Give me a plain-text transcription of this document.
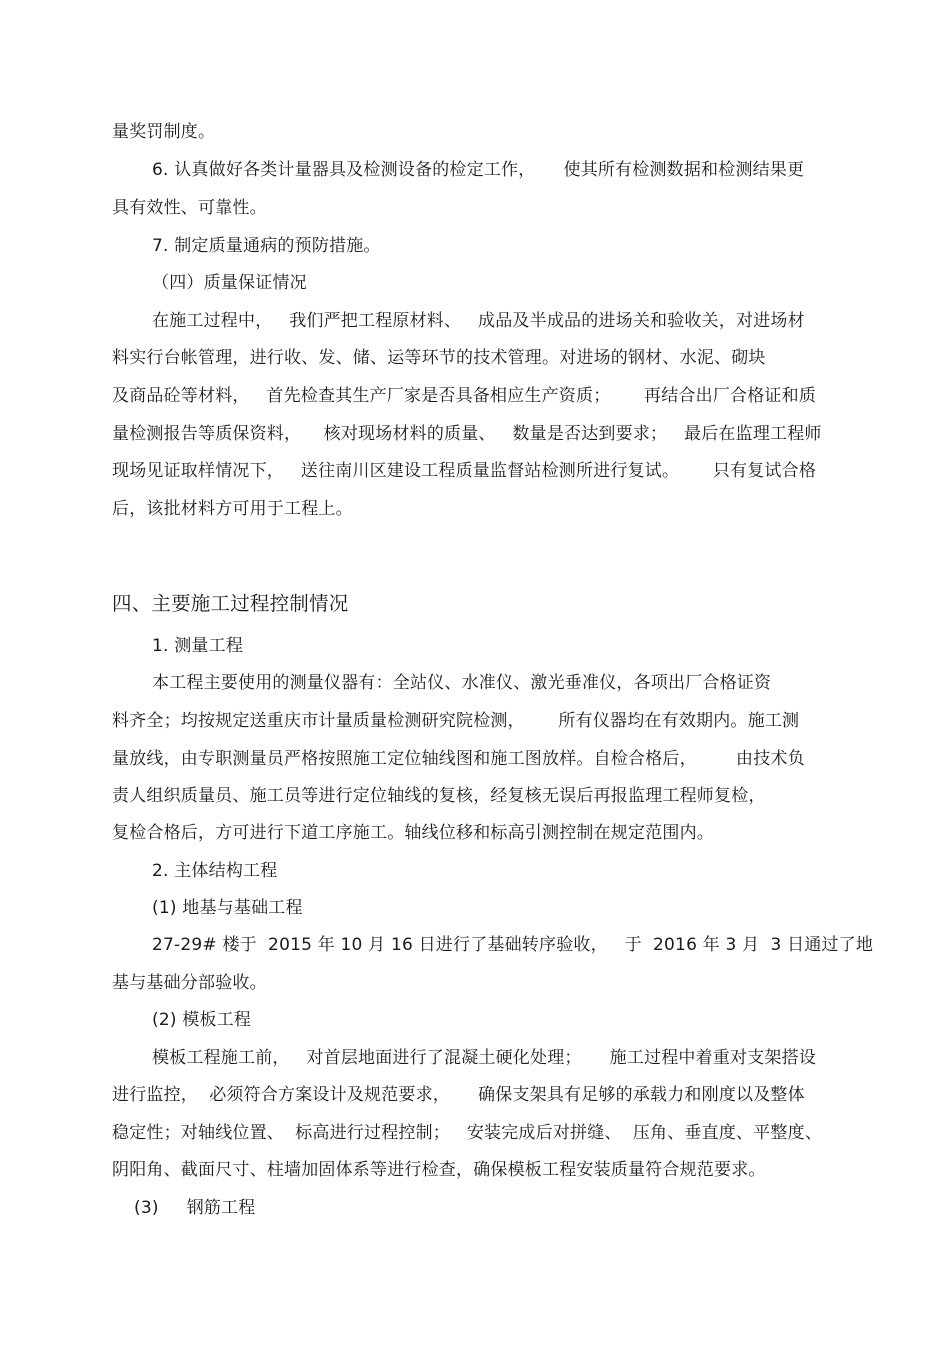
量奖罚制度。
6. 认真做好各类计量器具及检测设备的检定工作，     使其所有检测数据和检测结果更
具有效性、可靠性。
7. 制定质量通病的预防措施。
（四）质量保证情况
在施工过程中，   我们严把工程原材料、   成品及半成品的进场关和验收关，对进场材
料实行台帐管理，进行收、发、储、运等环节的技术管理。对进场的钢材、水泥、砌块
及商品砼等材料，   首先检查其生产厂家是否具备相应生产资质；      再结合出厂合格证和质
量检测报告等质保资料，    核对现场材料的质量、   数量是否达到要求；   最后在监理工程师
现场见证取样情况下，   送往南川区建设工程质量监督站检测所进行复试。      只有复试合格
后，该批材料方可用于工程上。
四、主要施工过程控制情况
1. 测量工程
本工程主要使用的测量仪器有：全站仪、水准仪、激光垂准仪，各项出厂合格证资
料齐全；均按规定送重庆市计量质量检测研究院检测，      所有仪器均在有效期内。施工测
量放线，由专职测量员严格按照施工定位轴线图和施工图放样。自检合格后，       由技术负
责人组织质量员、施工员等进行定位轴线的复核，经复核无误后再报监理工程师复检，
复检合格后，方可进行下道工序施工。轴线位移和标高引测控制在规定范围内。
2. 主体结构工程
(1) 地基与基础工程
27-29# 楼于  2015 年 10 月 16 日进行了基础转序验收，   于  2016 年 3 月  3 日通过了地
基与基础分部验收。
(2) 模板工程
模板工程施工前，   对首层地面进行了混凝土硬化处理；     施工过程中着重对支架搭设
进行监控，  必须符合方案设计及规范要求，     确保支架具有足够的承载力和刚度以及整体
稳定性；对轴线位置、  标高进行过程控制；   安装完成后对拼缝、  压角、垂直度、平整度、
阴阳角、截面尺寸、柱墙加固体系等进行检查，确保模板工程安装质量符合规范要求。
(3)     钢筋工程
